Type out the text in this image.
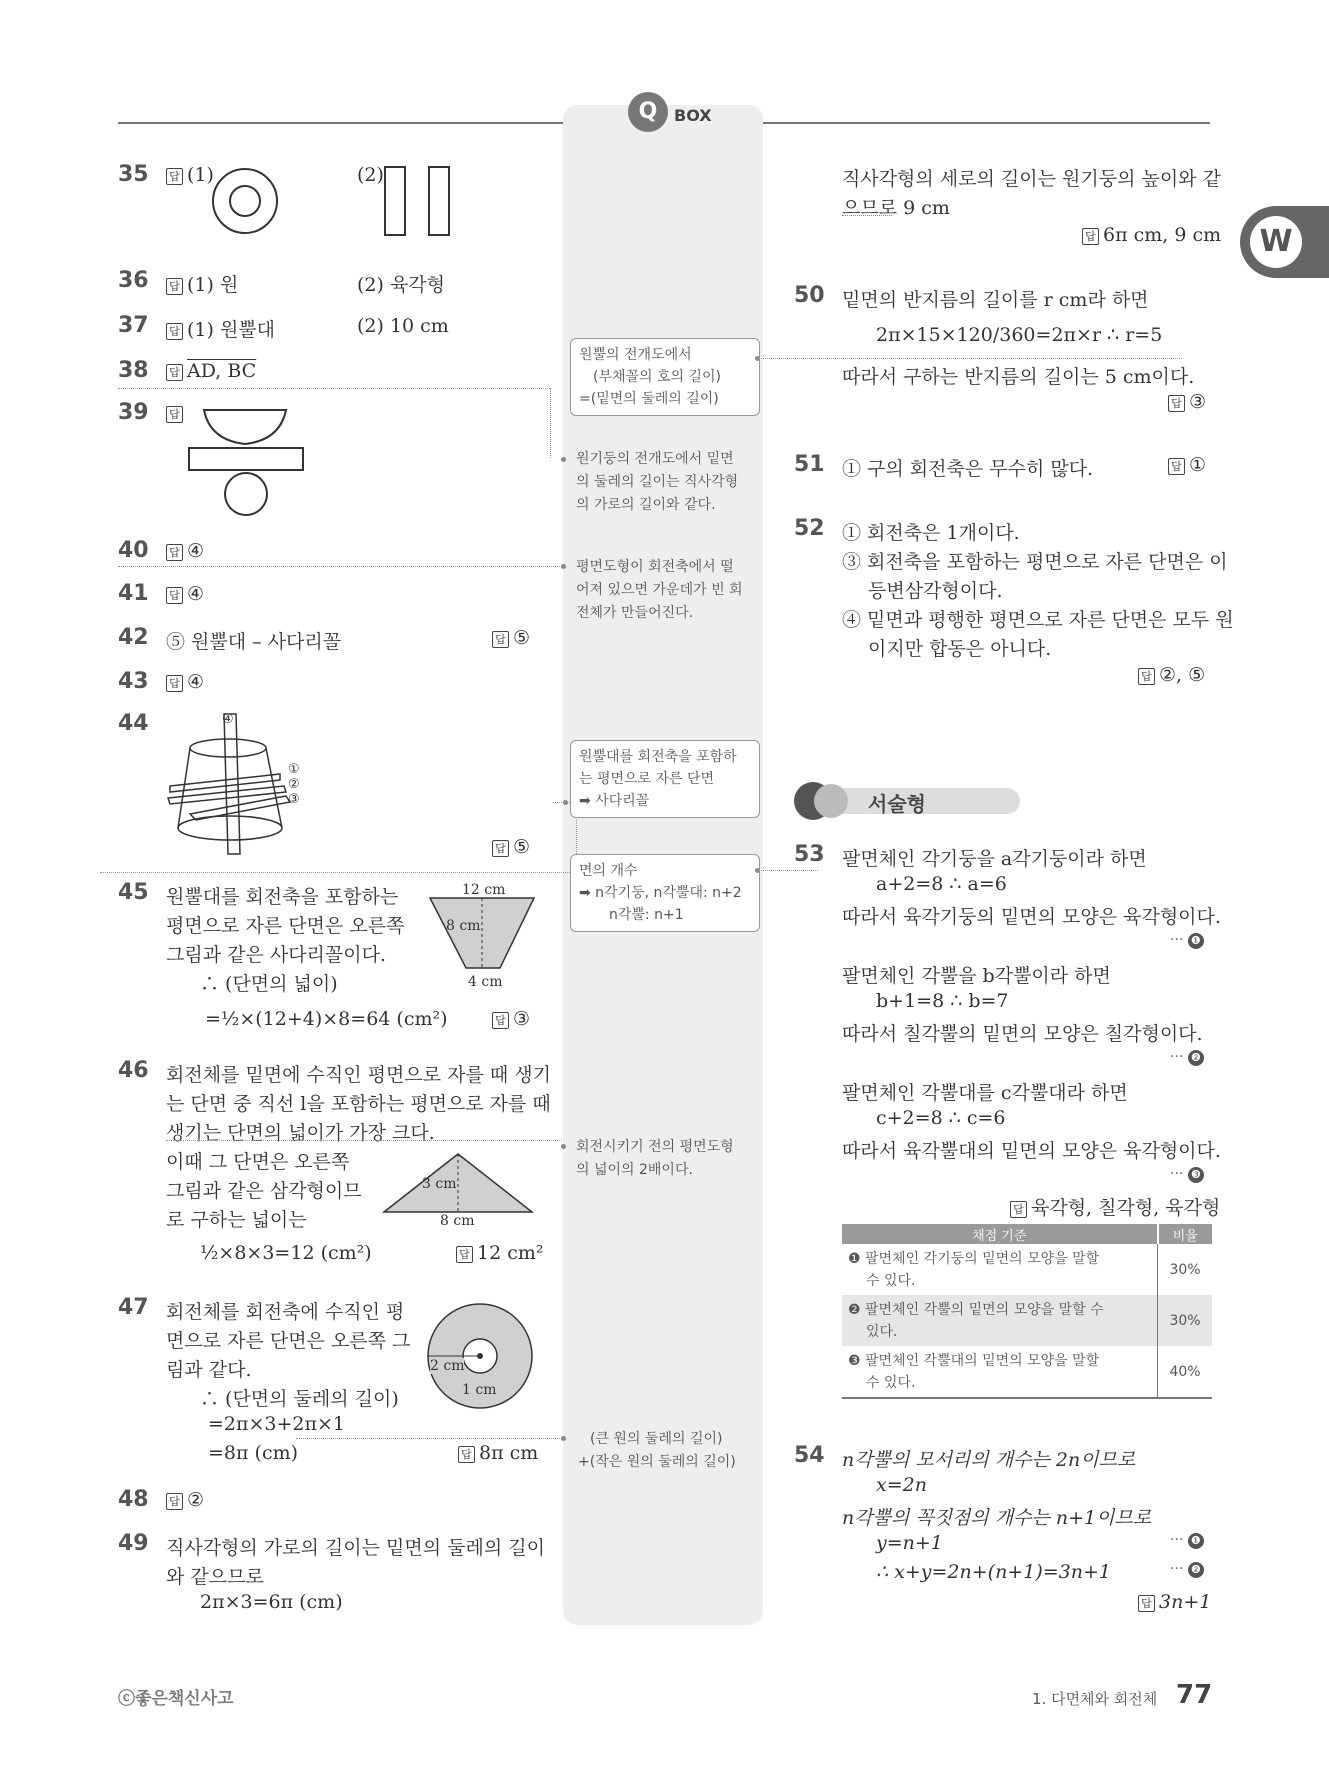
Q	BOX
W
35 답 (1)	(2)
36 답 (1) 원	(2) 육각형
37 답 (1) 원뿔대	(2) 10 cm
38 답 AD, BC
39 답
40 답 ④
41 답 ④
42 ⑤ 원뿔대 – 사다리꼴	답 ⑤
43 답 ④
44	④
①
②
③
답 ⑤
45 원뿔대를 회전축을 포함하는
평면으로 자른 단면은 오른쪽
그림과 같은 사다리꼴이다.
∴ (단면의 넓이)
=½×(12+4)×8=64 (cm²)	답 ③
12 cm
8 cm
4 cm
46 회전체를 밑면에 수직인 평면으로 자를 때 생기
는 단면 중 직선 l을 포함하는 평면으로 자를 때
생기는 단면의 넓이가 가장 크다.
이때 그 단면은 오른쪽
그림과 같은 삼각형이므
로 구하는 넓이는
½×8×3=12 (cm²)	답 12 cm²
3 cm
8 cm
47 회전체를 회전축에 수직인 평
면으로 자른 단면은 오른쪽 그
림과 같다.
∴ (단면의 둘레의 길이)
=2π×3+2π×1
=8π (cm)	답 8π cm
2 cm
1 cm
48 답 ②
49 직사각형의 가로의 길이는 밑면의 둘레의 길이
와 같으므로
2π×3=6π (cm)
원뿔의 전개도에서
(부채꼴의 호의 길이)
=(밑면의 둘레의 길이)
원기둥의 전개도에서 밑면
의 둘레의 길이는 직사각형
의 가로의 길이와 같다.
평면도형이 회전축에서 떨
어져 있으면 가운데가 빈 회
전체가 만들어진다.
원뿔대를 회전축을 포함하
는 평면으로 자른 단면
➡ 사다리꼴
면의 개수
➡ n각기둥, n각뿔대: n+2
n각뿔: n+1
회전시키기 전의 평면도형
의 넓이의 2배이다.
(큰 원의 둘레의 길이)
+(작은 원의 둘레의 길이)
직사각형의 세로의 길이는 원기둥의 높이와 같
으므로 9 cm
답 6π cm, 9 cm
50 밑면의 반지름의 길이를 r cm라 하면
2π×15×120/360=2π×r ∴ r=5
따라서 구하는 반지름의 길이는 5 cm이다.
답 ③
51 ① 구의 회전축은 무수히 많다.	답 ①
52 ① 회전축은 1개이다.
③ 회전축을 포함하는 평면으로 자른 단면은 이
등변삼각형이다.
④ 밑면과 평행한 평면으로 자른 단면은 모두 원
이지만 합동은 아니다.
답 ②, ⑤
서술형
53 팔면체인 각기둥을 a각기둥이라 하면
a+2=8 ∴ a=6
따라서 육각기둥의 밑면의 모양은 육각형이다.
··· ❶
팔면체인 각뿔을 b각뿔이라 하면
b+1=8 ∴ b=7
따라서 칠각뿔의 밑면의 모양은 칠각형이다.
··· ❷
팔면체인 각뿔대를 c각뿔대라 하면
c+2=8 ∴ c=6
따라서 육각뿔대의 밑면의 모양은 육각형이다.
··· ❸
답 육각형, 칠각형, 육각형
채점 기준	비율

❶ 팔면체인 각기둥의 밑면의 모양을 말할
수 있다.	30%

❷ 팔면체인 각뿔의 밑면의 모양을 말할 수
있다.	30%

❸ 팔면체인 각뿔대의 밑면의 모양을 말할
수 있다.	40%
54 n각뿔의 모서리의 개수는 2n이므로
x=2n
n각뿔의 꼭짓점의 개수는 n+1이므로
y=n+1	··· ❶
∴ x+y=2n+(n+1)=3n+1	··· ❷
답 3n+1
ⓒ좋은책신사고	1. 다면체와 회전체 77
